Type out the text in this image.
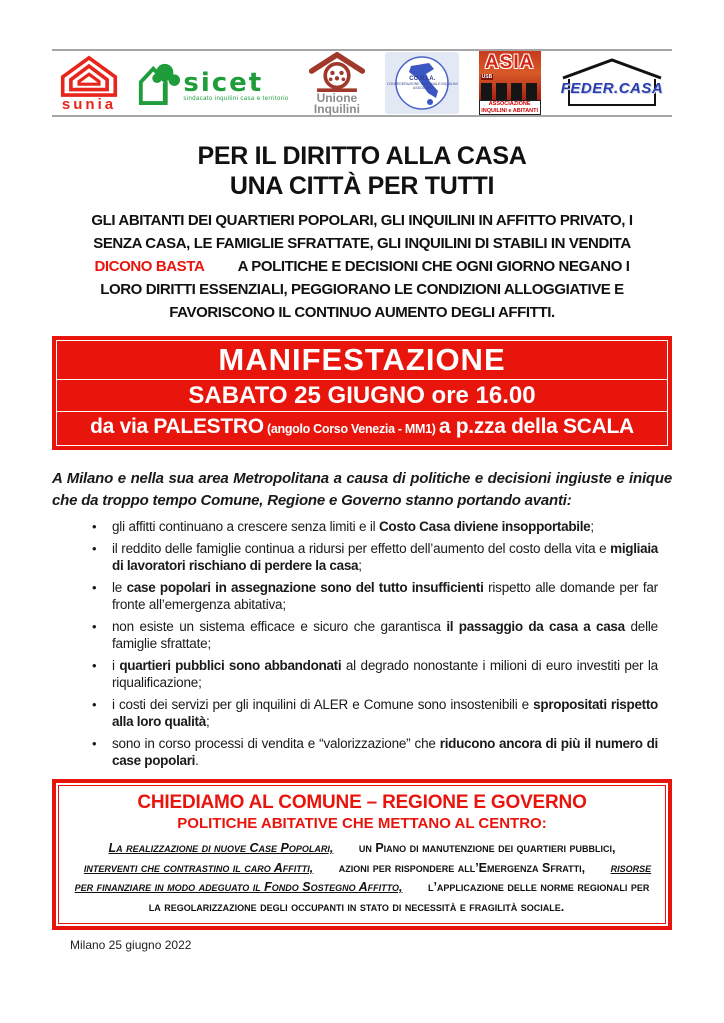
sunia
sicet
sindacato inquilini casa e territorio Unione
Inquilini
CO.N.I.A.
CONFEDERAZIONE NAZIONALE INQUILINI ASSOCIATI
ASIA
USB
ASSOCIAZIONE
INQUILINI e ABITANTI
FEDER.CASA
PER IL DIRITTO ALLA CASA
UNA CITTÀ PER TUTTI

GLI ABITANTI DEI QUARTIERI POPOLARI, GLI INQUILINI IN AFFITTO PRIVATO, I SENZA CASA, LE FAMIGLIE SFRATTATE, GLI INQUILINI DI STABILI IN VENDITA DICONO BASTA A POLITICHE E DECISIONI CHE OGNI GIORNO NEGANO I LORO DIRITTI ESSENZIALI, PEGGIORANO LE CONDIZIONI ALLOGGIATIVE E FAVORISCONO IL CONTINUO AUMENTO DEGLI AFFITTI.

MANIFESTAZIONE
SABATO 25 GIUGNO ore 16.00
da via PALESTRO (angolo Corso Venezia - MM1) a p.zza della SCALA

A Milano e nella sua area Metropolitana a causa di politiche e decisioni ingiuste e inique che da troppo tempo Comune, Regione e Governo stanno portando avanti:

• gli affitti continuano a crescere senza limiti e il Costo Casa diviene insopportabile;
• il reddito delle famiglie continua a ridursi per effetto dell’aumento del costo della vita e migliaia di lavoratori rischiano di perdere la casa;
• le case popolari in assegnazione sono del tutto insufficienti rispetto alle domande per far fronte all’emergenza abitativa;
• non esiste un sistema efficace e sicuro che garantisca il passaggio da casa a casa delle famiglie sfrattate;
• i quartieri pubblici sono abbandonati al degrado nonostante i milioni di euro investiti per la riqualificazione;
• i costi dei servizi per gli inquilini di ALER e Comune sono insostenibili e spropositati rispetto alla loro qualità;
• sono in corso processi di vendita e “valorizzazione” che riducono ancora di più il numero di case popolari.
CHIEDIAMO AL COMUNE – REGIONE E GOVERNO
POLITICHE ABITATIVE CHE METTANO AL CENTRO:

La realizzazione di nuove Case Popolari, un Piano di manutenzione dei quartieri pubblici, interventi che contrastino il caro Affitti, azioni per rispondere all’Emergenza Sfratti, risorse per finanziare in modo adeguato il Fondo Sostegno Affitto, l’applicazione delle norme regionali per la regolarizzazione degli occupanti in stato di necessità e fragilità sociale.

Milano 25 giugno 2022
